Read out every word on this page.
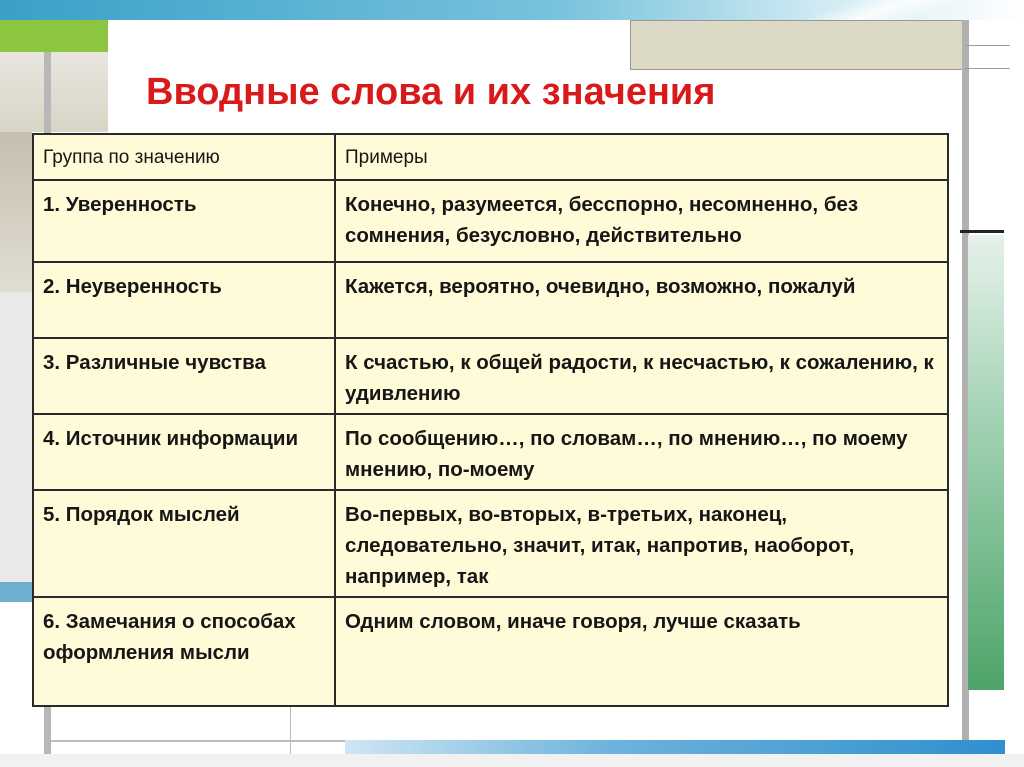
Вводные слова и их значения
Группа по значению	Примеры
1. Уверенность	Конечно, разумеется, бесспорно, несомненно, без сомнения, безусловно, действительно
2. Неуверенность	Кажется, вероятно, очевидно, возможно, пожалуй
3. Различные чувства	К счастью, к общей радости, к несчастью, к сожалению, к удивлению
4. Источник информации	По сообщению…, по словам…, по мнению…, по моему мнению, по-моему
5. Порядок мыслей	Во-первых, во-вторых, в-третьих, наконец, следовательно, значит, итак, напротив, наоборот, например, так
6. Замечания о способах оформления мысли	Одним словом, иначе говоря, лучше сказать
